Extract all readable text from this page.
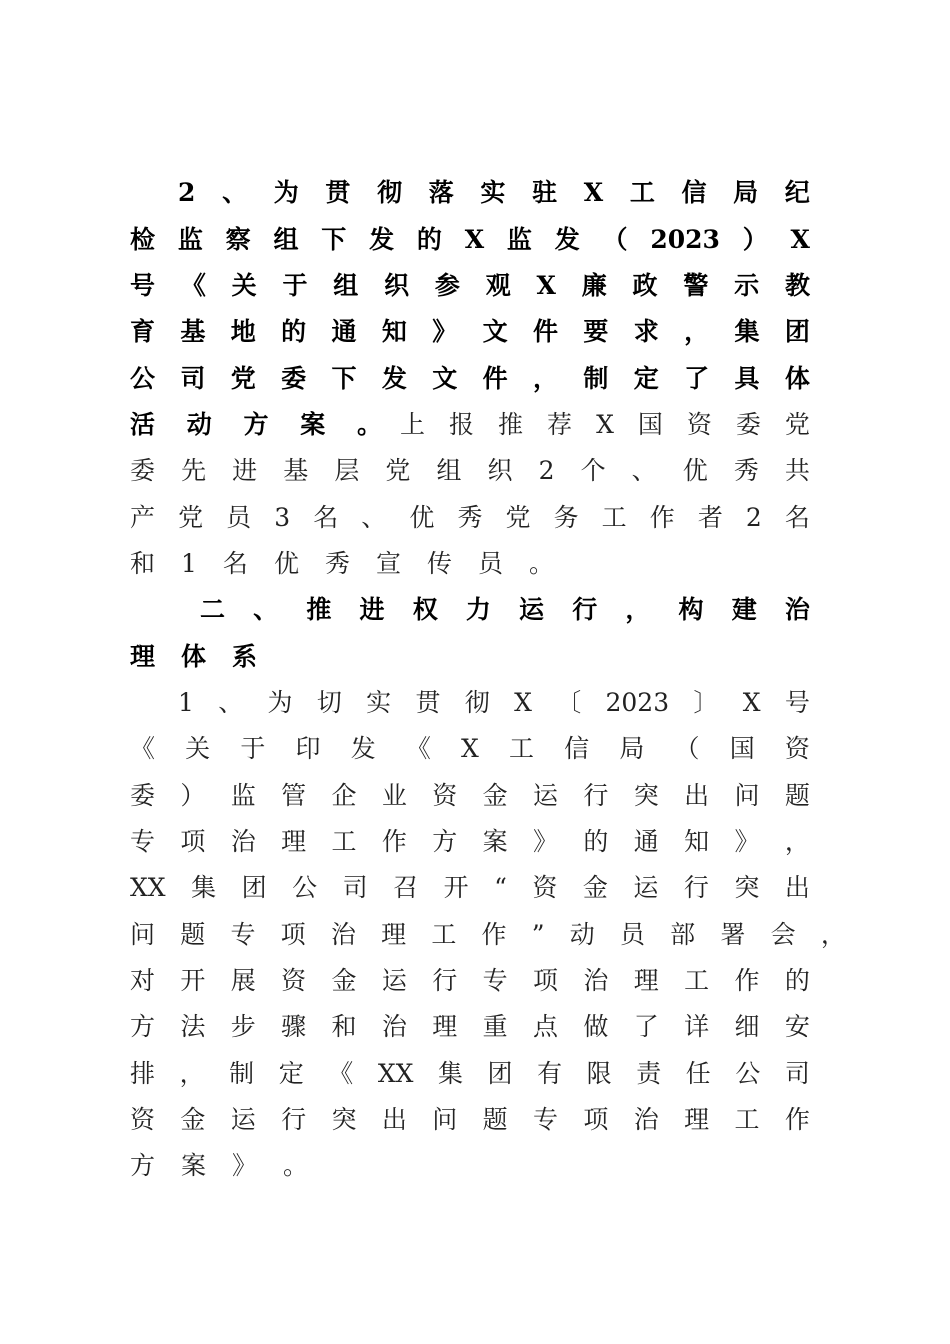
2 、 为 贯 彻 落 实 驻 X 工 信 局 纪
检 监 察 组 下 发 的 X 监 发 （ 2023 ） X
号 《 关 于 组 织 参 观 X 廉 政 警 示 教
育 基 地 的 通 知 》 文 件 要 求 ， 集 团
公 司 党 委 下 发 文 件 ， 制 定 了 具 体
活 动 方 案 。 上 报 推 荐 X 国 资 委 党
委 先 进 基 层 党 组 织 2 个 、 优 秀 共
产 党 员 3 名 、 优 秀 党 务 工 作 者 2 名
和 1 名 优 秀 宣 传 员 。
二 、 推 进 权 力 运 行 ， 构 建 治
理 体 系
1 、 为 切 实 贯 彻 X 〔 2023 〕 X 号
《 关 于 印 发 《 X 工 信 局 （ 国 资
委 ） 监 管 企 业 资 金 运 行 突 出 问 题
专 项 治 理 工 作 方 案 》 的 通 知 》 ，
XX 集 团 公 司 召 开 “ 资 金 运 行 突 出
问 题 专 项 治 理 工 作 ” 动 员 部 署 会 ，
对 开 展 资 金 运 行 专 项 治 理 工 作 的
方 法 步 骤 和 治 理 重 点 做 了 详 细 安
排 ， 制 定 《 XX 集 团 有 限 责 任 公 司
资 金 运 行 突 出 问 题 专 项 治 理 工 作
方 案 》 。
